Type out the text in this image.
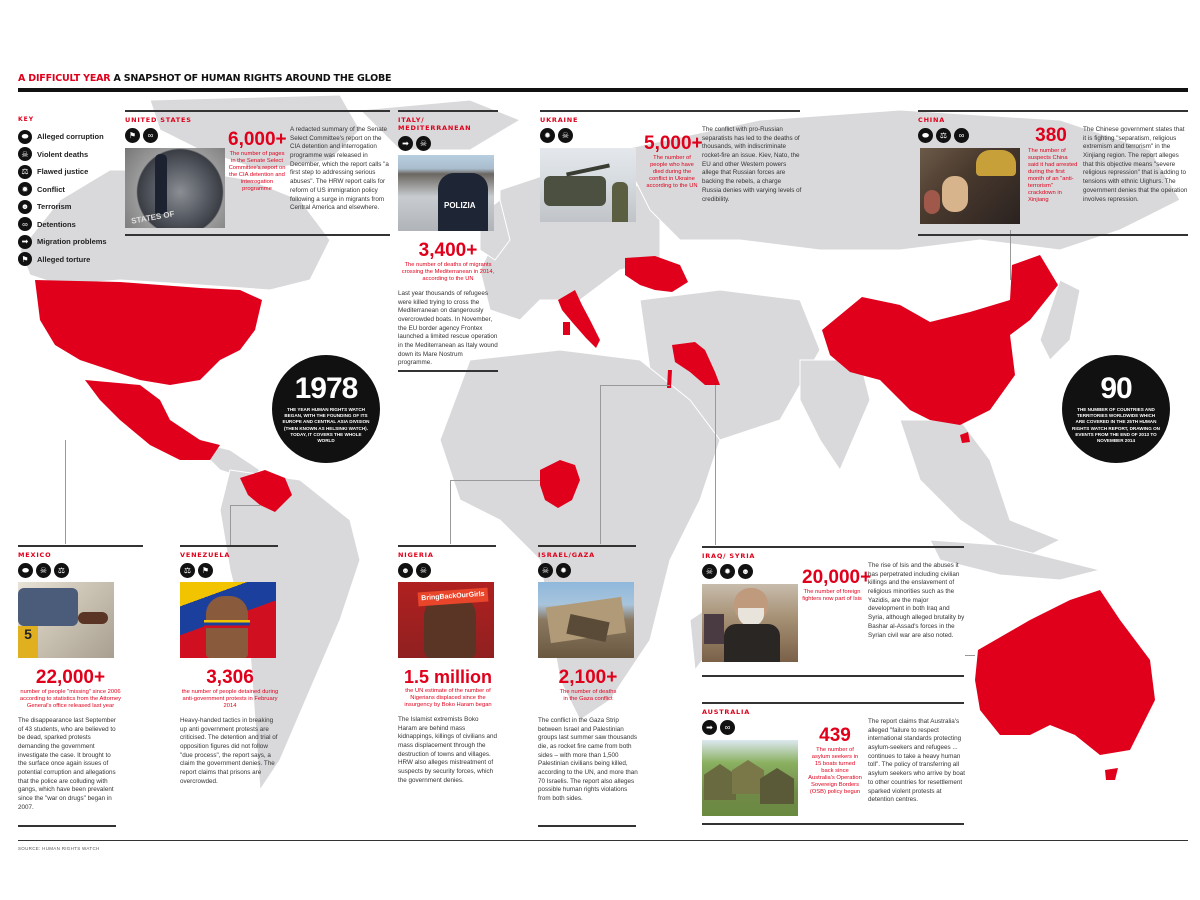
A DIFFICULT YEAR A SNAPSHOT OF HUMAN RIGHTS AROUND THE GLOBE
KEY
⬬	Alleged corruption
☠	Violent deaths
⚖	Flawed justice
✹	Conflict
☻	Terrorism
∞	Detentions
➡	Migration problems
⚑	Alleged torture
UNITED STATES
⚑	∞
STATES OF
6,000+
The number of pages in the Senate Select Committee's report on the CIA detention and interrogation programme
A redacted summary of the Senate Select Committee's report on the CIA detention and interrogation programme was released in December, which the report calls "a first step to addressing serious abuses". The HRW report calls for reform of US immigration policy following a surge in migrants from Central America and elsewhere.
ITALY/ MEDITERRANEAN
➡	☠
POLIZIA
3,400+
The number of deaths of migrants crossing the Mediterranean in 2014, according to the UN
Last year thousands of refugees were killed trying to cross the Mediterranean on dangerously overcrowded boats. In November, the EU border agency Frontex launched a limited rescue operation in the Mediterranean as Italy wound down its Mare Nostrum programme.
UKRAINE
✹	☠	5,000+
The number of people who have died during the conflict in Ukraine according to the UN
The conflict with pro-Russian separatists has led to the deaths of thousands, with indiscriminate rocket-fire an issue. Kiev, Nato, the EU and other Western powers allege that Russian forces are backing the rebels, a charge Russia denies with varying levels of credibility.
CHINA
⬬	⚖	∞	380
The number of suspects China said it had arrested during the first month of an "anti-terrorism" crackdown in Xinjiang
The Chinese government states that it is fighting "separatism, religious extremism and terrorism" in the Xinjiang region. The report alleges that this objective means "severe religious repression" that is adding to tensions with ethnic Uighurs. The government denies that the operation involves repression.
1978
THE YEAR HUMAN RIGHTS WATCH BEGAN, WITH THE FOUNDING OF ITS EUROPE AND CENTRAL ASIA DIVISION (THEN KNOWN AS HELSINKI WATCH). TODAY, IT COVERS THE WHOLE WORLD
90
THE NUMBER OF COUNTRIES AND TERRITORIES WORLDWIDE WHICH ARE COVERED IN THE 25TH HUMAN RIGHTS WATCH REPORT, DRAWING ON EVENTS FROM THE END OF 2013 TO NOVEMBER 2014
MEXICO
⬬	☠	⚖
5
22,000+
number of people "missing" since 2006 according to statistics from the Attorney General's office released last year
The disappearance last September of 43 students, who are believed to be dead, sparked protests demanding the government investigate the case. It brought to the surface once again issues of potential corruption and allegations that the police are colluding with gangs, which have been prevalent since the "war on drugs" began in 2007.
VENEZUELA
⚖	⚑
3,306
the number of people detained during anti-government protests in February 2014
Heavy-handed tactics in breaking up anti government protests are criticised. The detention and trial of opposition figures did not follow "due process", the report says, a claim the government denies. The report claims that prisons are overcrowded.
NIGERIA
☻	☠
BringBackOurGirls
1.5 million
the UN estimate of the number of Nigerians displaced since the insurgency by Boko Haram began
The Islamist extremists Boko Haram are behind mass kidnappings, killings of civilians and mass displacement through the destruction of towns and villages. HRW also alleges mistreatment of suspects by security forces, which the government denies.
ISRAEL/GAZA
☠	✹
2,100+
The number of deaths in the Gaza conflict
The conflict in the Gaza Strip between Israel and Palestinian groups last summer saw thousands die, as rocket fire came from both sides – with more than 1,500 Palestinian civilians being killed, according to the UN, and more than 70 Israelis. The report also alleges possible human rights violations from both sides.
IRAQ/ SYRIA
☠	✹	☻	20,000+
The number of foreign fighters now part of Isis
The rise of Isis and the abuses it has perpetrated including civilian killings and the enslavement of religious minorities such as the Yazidis, are the major development in both Iraq and Syria, although alleged brutality by Bashar al-Assad's forces in the Syrian civil war are also noted.
AUSTRALIA
➡	∞	439
The number of asylum seekers in 15 boats turned back since Australia's Operation Sovereign Borders (OSB) policy begun
The report claims that Australia's alleged "failure to respect international standards protecting asylum-seekers and refugees ... continues to take a heavy human toll". The policy of transferring all asylum seekers who arrive by boat to other countries for resettlement sparked violent protests at detention centres.
SOURCE: HUMAN RIGHTS WATCH
